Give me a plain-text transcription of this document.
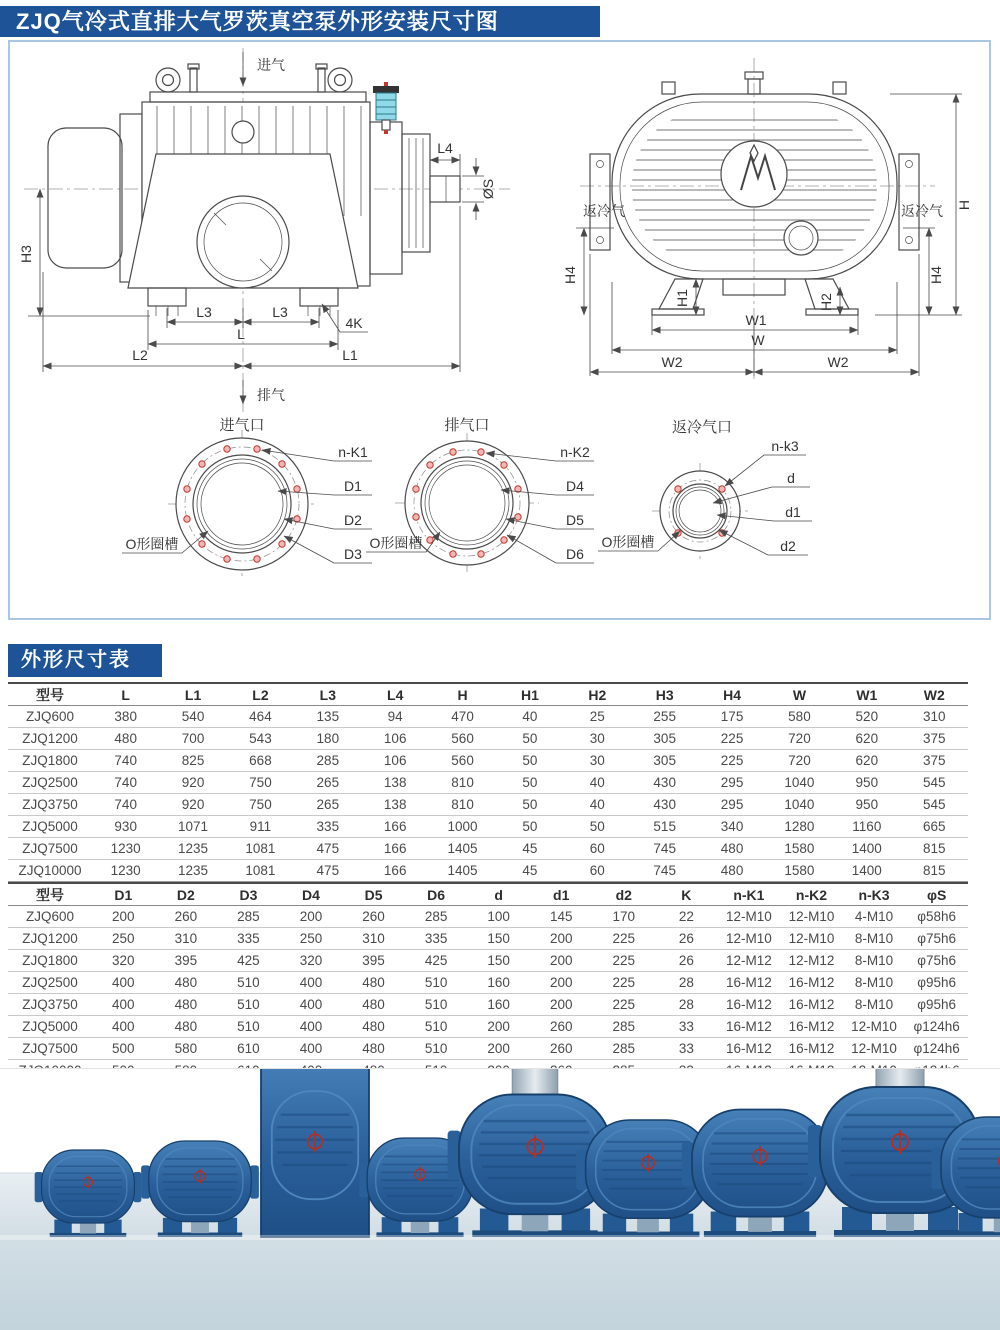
ZJQ气冷式直排大气罗茨真空泵外形安装尺寸图
进气
H3
L3	L3
L
L2	L1
4K
排气
L4
ØS
返冷气	返冷气
H4	H4
H
H1	H2
W1
W
W2	W2
进气口
n-K1
D1
D2
D3
O形圈槽
排气口
n-K2
D4
D5
D6
O形圈槽
返冷气口
n-k3
d
d1
d2
O形圈槽
外形尺寸表
型号	L	L1	L2	L3	L4	H	H1	H2	H3	H4	W	W1	W2
ZJQ600	380	540	464	135	94	470	40	25	255	175	580	520	310
ZJQ1200	480	700	543	180	106	560	50	30	305	225	720	620	375
ZJQ1800	740	825	668	285	106	560	50	30	305	225	720	620	375
ZJQ2500	740	920	750	265	138	810	50	40	430	295	1040	950	545
ZJQ3750	740	920	750	265	138	810	50	40	430	295	1040	950	545
ZJQ5000	930	1071	911	335	166	1000	50	50	515	340	1280	1160	665
ZJQ7500	1230	1235	1081	475	166	1405	45	60	745	480	1580	1400	815
ZJQ10000	1230	1235	1081	475	166	1405	45	60	745	480	1580	1400	815
型号	D1	D2	D3	D4	D5	D6	d	d1	d2	K	n-K1	n-K2	n-K3	φS
ZJQ600	200	260	285	200	260	285	100	145	170	22	12-M10	12-M10	4-M10	φ58h6
ZJQ1200	250	310	335	250	310	335	150	200	225	26	12-M10	12-M10	8-M10	φ75h6
ZJQ1800	320	395	425	320	395	425	150	200	225	26	12-M12	12-M12	8-M10	φ75h6
ZJQ2500	400	480	510	400	480	510	160	200	225	28	16-M12	16-M12	8-M10	φ95h6
ZJQ3750	400	480	510	400	480	510	160	200	225	28	16-M12	16-M12	8-M10	φ95h6
ZJQ5000	400	480	510	400	480	510	200	260	285	33	16-M12	16-M12	12-M10	φ124h6
ZJQ7500	500	580	610	400	480	510	200	260	285	33	16-M12	16-M12	12-M10	φ124h6
